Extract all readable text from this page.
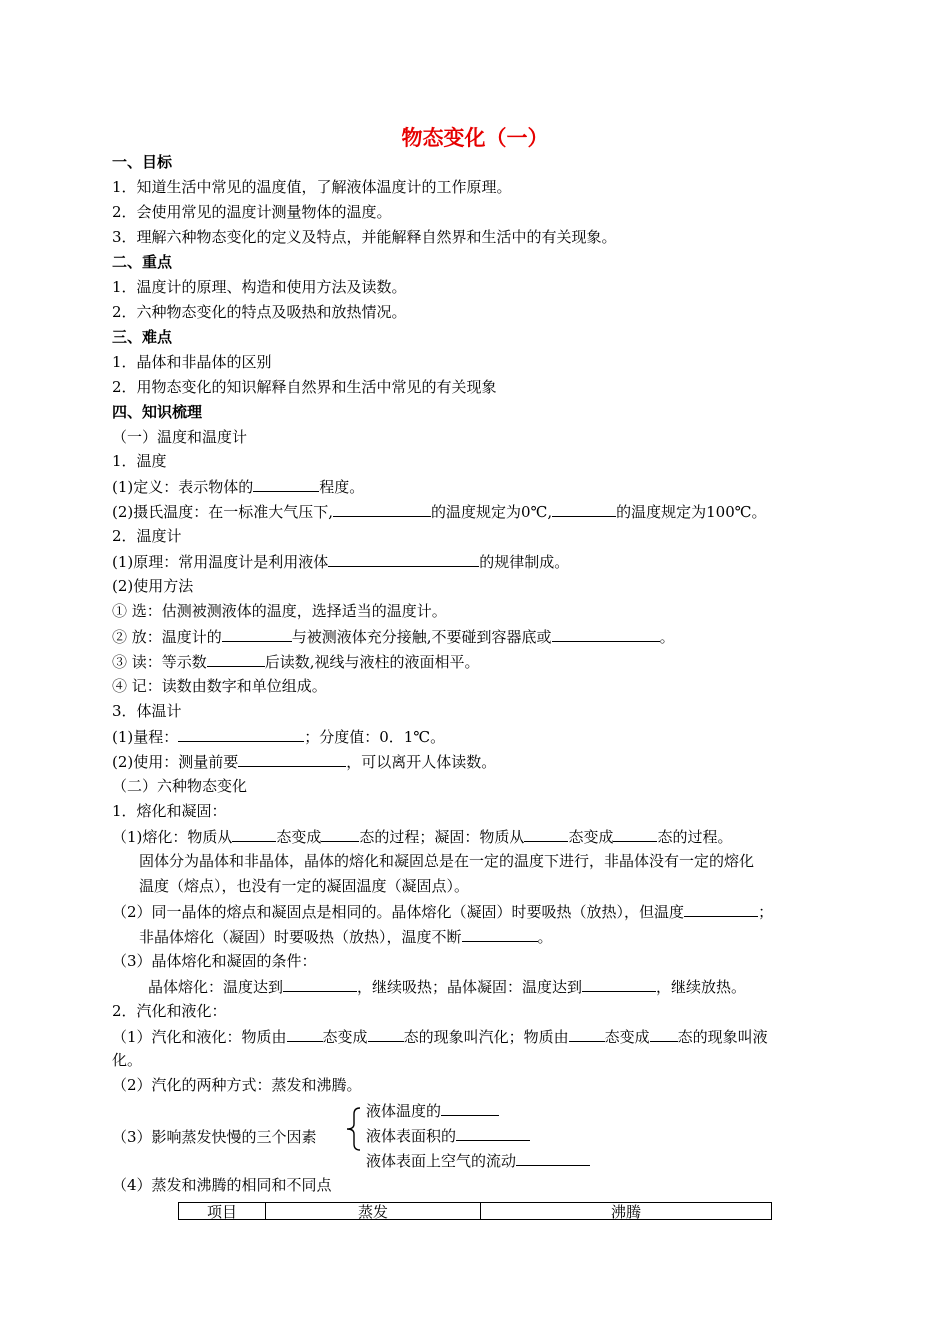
物态变化（一）
一、目标
1．知道生活中常见的温度值，了解液体温度计的工作原理。
2．会使用常见的温度计测量物体的温度。
3．理解六种物态变化的定义及特点，并能解释自然界和生活中的有关现象。
二、重点
1．温度计的原理、构造和使用方法及读数。
2．六种物态变化的特点及吸热和放热情况。
三、难点
1．晶体和非晶体的区别
2．用物态变化的知识解释自然界和生活中常见的有关现象
四、知识梳理
（一）温度和温度计
1．温度
(1)定义：表示物体的	程度。
(2)摄氏温度：在一标准大气压下,	的温度规定为0℃,	的温度规定为100℃。
2．温度计
(1)原理：常用温度计是利用液体	的规律制成。
(2)使用方法
① 选：估测被测液体的温度，选择适当的温度计。
② 放：温度计的	与被测液体充分接触,不要碰到容器底或	。
③ 读：等示数	后读数,视线与液柱的液面相平。
④ 记：读数由数字和单位组成。
3．体温计
(1)量程：	；分度值：0．1℃。
(2)使用：测量前要	，可以离开人体读数。
（二）六种物态变化
1．熔化和凝固：
（1)熔化：物质从	态变成	态的过程；凝固：物质从	态变成	态的过程。
固体分为晶体和非晶体，晶体的熔化和凝固总是在一定的温度下进行，非晶体没有一定的熔化
温度（熔点），也没有一定的凝固温度（凝固点）。
（2）同一晶体的熔点和凝固点是相同的。晶体熔化（凝固）时要吸热（放热），但温度	；
非晶体熔化（凝固）时要吸热（放热），温度不断	。
（3）晶体熔化和凝固的条件：
晶体熔化：温度达到	，继续吸热；晶体凝固：温度达到	，继续放热。
2．汽化和液化：
（1）汽化和液化：物质由 态变成 态的现象叫汽化；物质由 态变成 态的现象叫液
化。
（2）汽化的两种方式：蒸发和沸腾。
（3）影响蒸发快慢的三个因素
液体温度的
液体表面积的
液体表面上空气的流动
（4）蒸发和沸腾的相同和不同点
项目	蒸发	沸腾
